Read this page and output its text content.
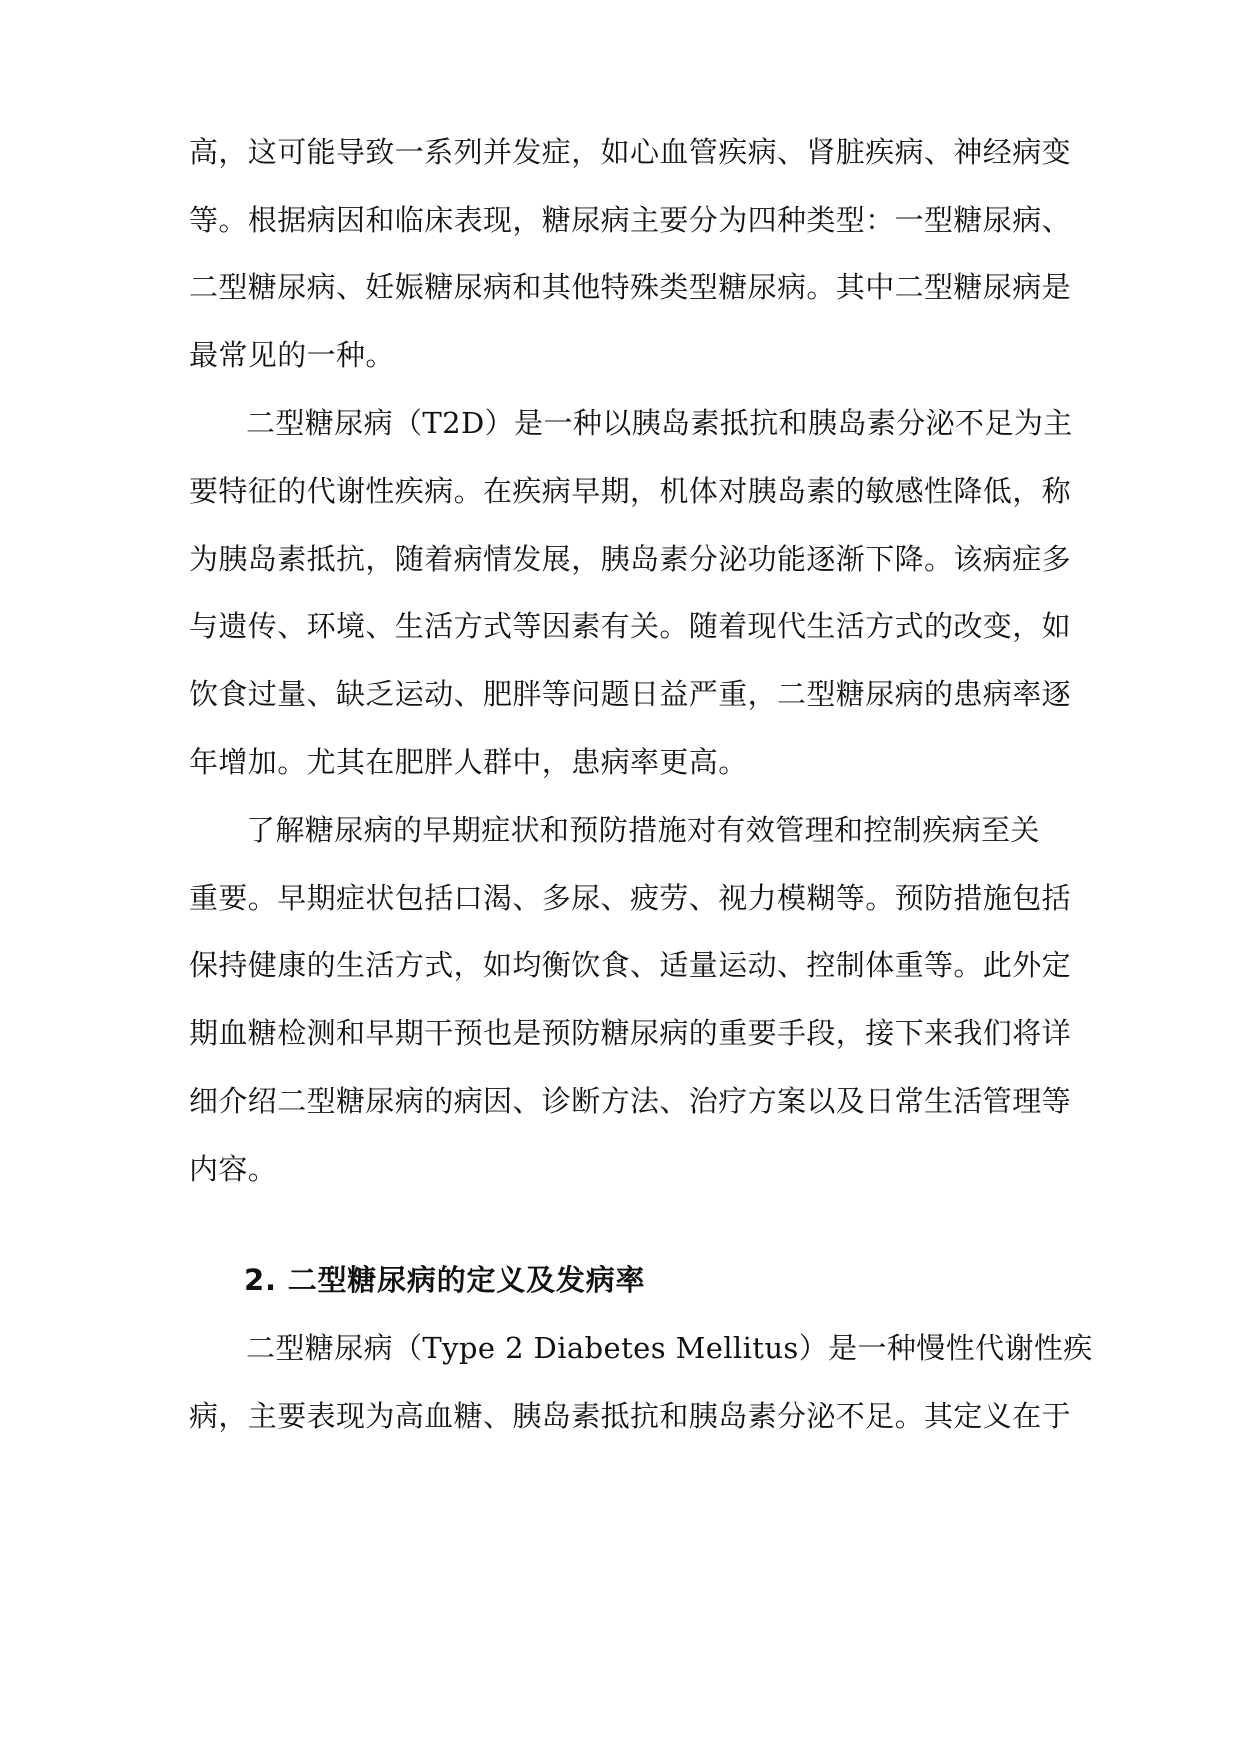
高，这可能导致一系列并发症，如心血管疾病、肾脏疾病、神经病变

等。根据病因和临床表现，糖尿病主要分为四种类型：一型糖尿病、

二型糖尿病、妊娠糖尿病和其他特殊类型糖尿病。其中二型糖尿病是

最常见的一种。

二型糖尿病（T2D）是一种以胰岛素抵抗和胰岛素分泌不足为主

要特征的代谢性疾病。在疾病早期，机体对胰岛素的敏感性降低，称

为胰岛素抵抗，随着病情发展，胰岛素分泌功能逐渐下降。该病症多

与遗传、环境、生活方式等因素有关。随着现代生活方式的改变，如

饮食过量、缺乏运动、肥胖等问题日益严重，二型糖尿病的患病率逐

年增加。尤其在肥胖人群中，患病率更高。

了解糖尿病的早期症状和预防措施对有效管理和控制疾病至关

重要。早期症状包括口渴、多尿、疲劳、视力模糊等。预防措施包括

保持健康的生活方式，如均衡饮食、适量运动、控制体重等。此外定

期血糖检测和早期干预也是预防糖尿病的重要手段，接下来我们将详

细介绍二型糖尿病的病因、诊断方法、治疗方案以及日常生活管理等

内容。

2. 二型糖尿病的定义及发病率

二型糖尿病（Type 2 Diabetes Mellitus）是一种慢性代谢性疾

病，主要表现为高血糖、胰岛素抵抗和胰岛素分泌不足。其定义在于
